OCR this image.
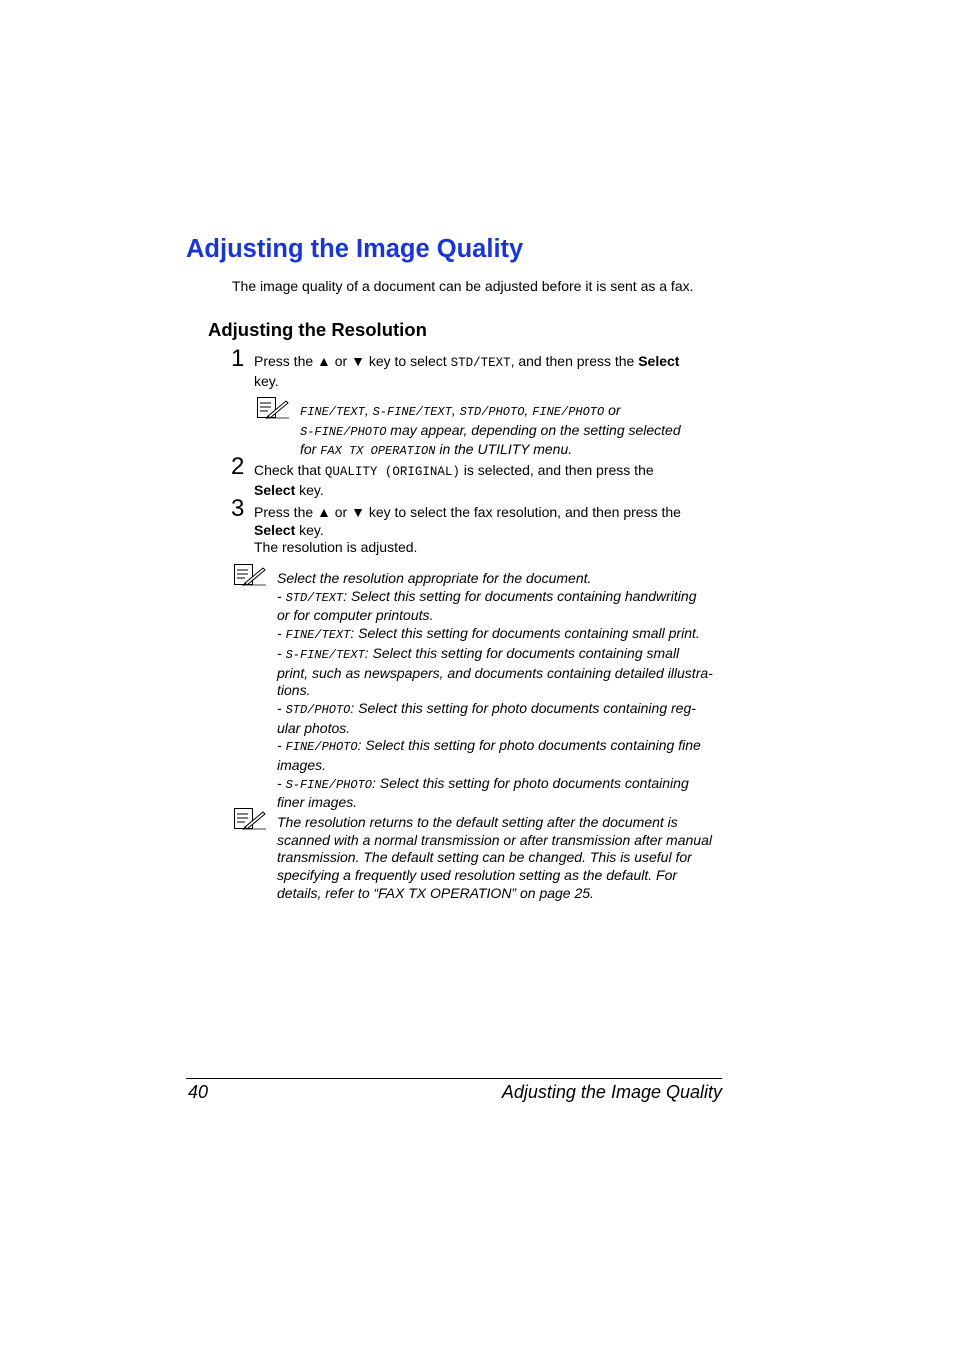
Adjusting the Image Quality
The image quality of a document can be adjusted before it is sent as a fax.
Adjusting the Resolution
1 Press the ▲ or ▼ key to select STD/TEXT, and then press the Select
key.
FINE/TEXT, S-FINE/TEXT, STD/PHOTO, FINE/PHOTO or
S-FINE/PHOTO may appear, depending on the setting selected
for FAX TX OPERATION in the UTILITY menu.
2 Check that QUALITY (ORIGINAL) is selected, and then press the
Select key.
3 Press the ▲ or ▼ key to select the fax resolution, and then press the
Select key.
The resolution is adjusted.
Select the resolution appropriate for the document.
- STD/TEXT: Select this setting for documents containing handwriting
or for computer printouts.
- FINE/TEXT: Select this setting for documents containing small print.
- S-FINE/TEXT: Select this setting for documents containing small
print, such as newspapers, and documents containing detailed illustra-
tions.
- STD/PHOTO: Select this setting for photo documents containing reg-
ular photos.
- FINE/PHOTO: Select this setting for photo documents containing fine
images.
- S-FINE/PHOTO: Select this setting for photo documents containing
finer images.
The resolution returns to the default setting after the document is
scanned with a normal transmission or after transmission after manual
transmission. The default setting can be changed. This is useful for
specifying a frequently used resolution setting as the default. For
details, refer to “FAX TX OPERATION” on page 25.
40	Adjusting the Image Quality
